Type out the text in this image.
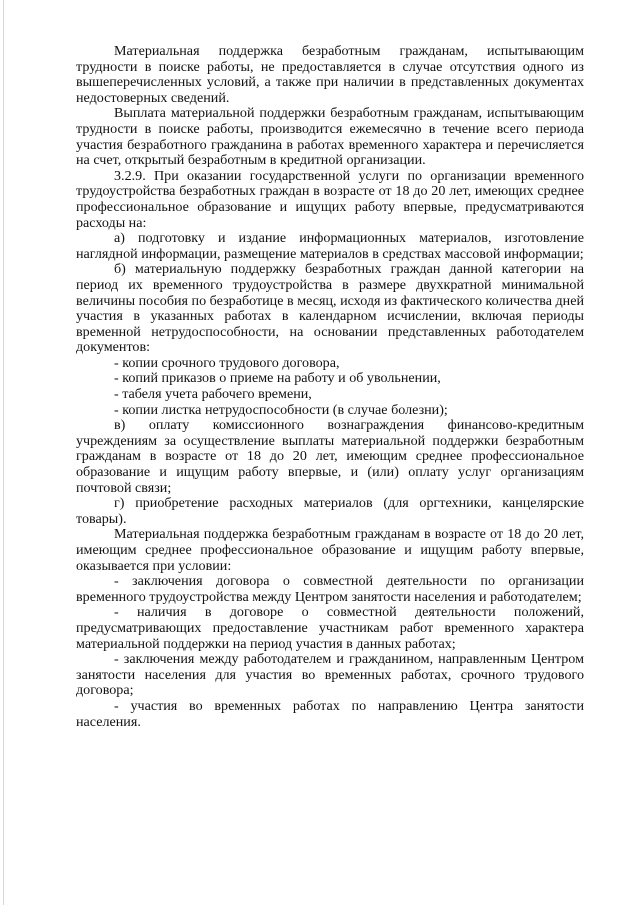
Материальная поддержка безработным гражданам, испытывающим трудности в поиске работы, не предоставляется в случае отсутствия одного из вышеперечисленных условий, а также при наличии в представленных документах недостоверных сведений.

Выплата материальной поддержки безработным гражданам, испытывающим трудности в поиске работы, производится ежемесячно в течение всего периода участия безработного гражданина в работах временного характера и перечисляется на счет, открытый безработным в кредитной организации.

3.2.9. При оказании государственной услуги по организации временного трудоустройства безработных граждан в возрасте от 18 до 20 лет, имеющих среднее профессиональное образование и ищущих работу впервые, предусматриваются расходы на:

а) подготовку и издание информационных материалов, изготовление наглядной информации, размещение материалов в средствах массовой информации;

б) материальную поддержку безработных граждан данной категории на период их временного трудоустройства в размере двухкратной минимальной величины пособия по безработице в месяц, исходя из фактического количества дней участия в указанных работах в календарном исчислении, включая периоды временной нетрудоспособности, на основании представленных работодателем документов:

- копии срочного трудового договора,

- копий приказов о приеме на работу и об увольнении,

- табеля учета рабочего времени,

- копии листка нетрудоспособности (в случае болезни);

в) оплату комиссионного вознаграждения финансово-кредитным учреждениям за осуществление выплаты материальной поддержки безработным гражданам в возрасте от 18 до 20 лет, имеющим среднее профессиональное образование и ищущим работу впервые, и (или) оплату услуг организациям почтовой связи;

г) приобретение расходных материалов (для оргтехники, канцелярские товары).

Материальная поддержка безработным гражданам в возрасте от 18 до 20 лет, имеющим среднее профессиональное образование и ищущим работу впервые, оказывается при условии:

- заключения договора о совместной деятельности по организации временного трудоустройства между Центром занятости населения и работодателем;

- наличия в договоре о совместной деятельности положений, предусматривающих предоставление участникам работ временного характера материальной поддержки на период участия в данных работах;

- заключения между работодателем и гражданином, направленным Центром занятости населения для участия во временных работах, срочного трудового договора;

- участия во временных работах по направлению Центра занятости населения.
